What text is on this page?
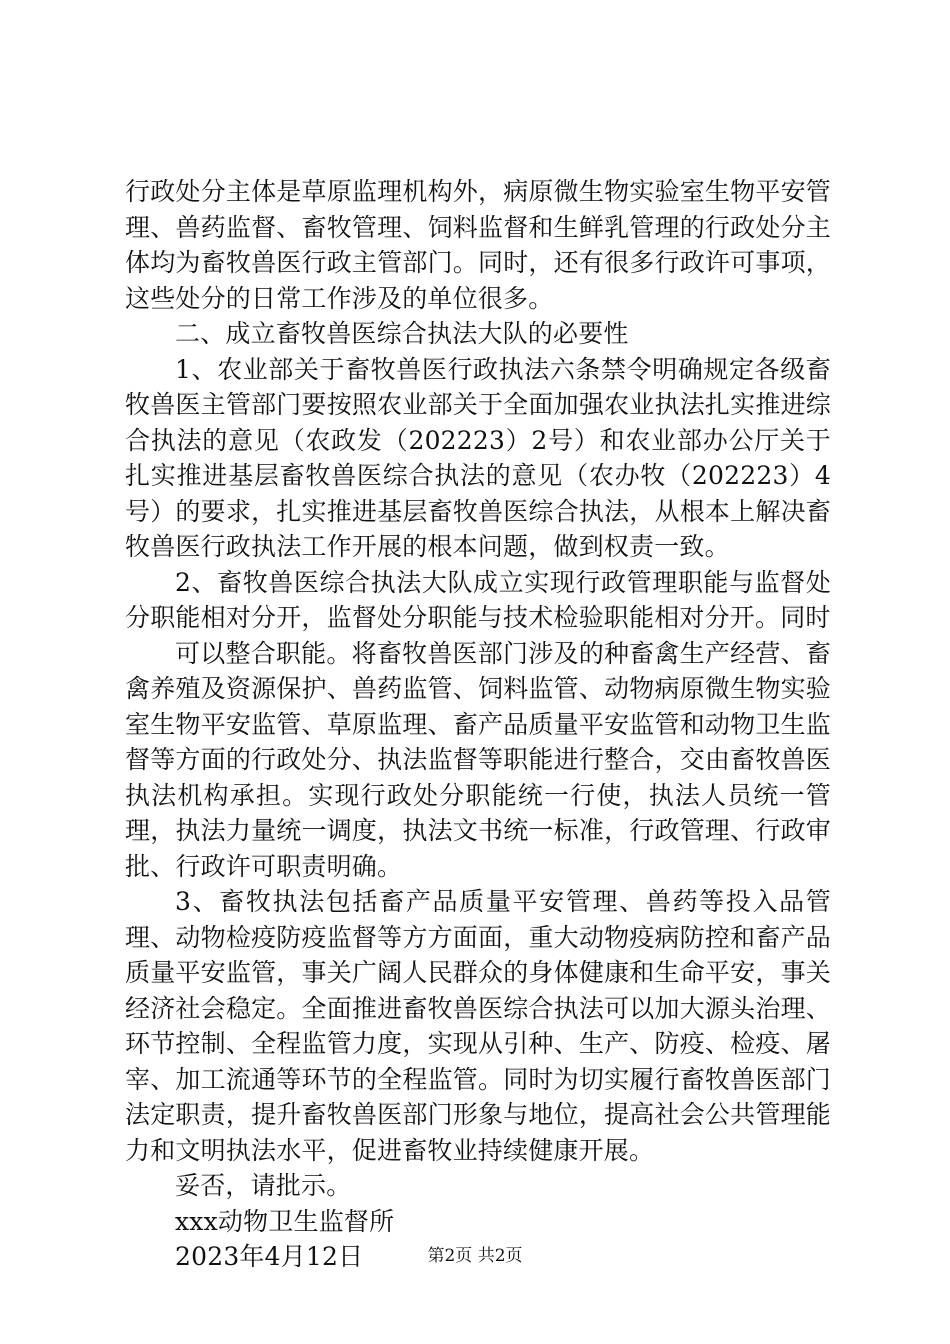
行政处分主体是草原监理机构外，病原微生物实验室生物平安管理、兽药监督、畜牧管理、饲料监督和生鲜乳管理的行政处分主体均为畜牧兽医行政主管部门。同时，还有很多行政许可事项，这些处分的日常工作涉及的单位很多。

二、成立畜牧兽医综合执法大队的必要性

1、农业部关于畜牧兽医行政执法六条禁令明确规定各级畜牧兽医主管部门要按照农业部关于全面加强农业执法扎实推进综合执法的意见（农政发（202223）2号）和农业部办公厅关于扎实推进基层畜牧兽医综合执法的意见（农办牧（202223）4号）的要求，扎实推进基层畜牧兽医综合执法，从根本上解决畜牧兽医行政执法工作开展的根本问题，做到权责一致。

2、畜牧兽医综合执法大队成立实现行政管理职能与监督处分职能相对分开，监督处分职能与技术检验职能相对分开。同时

可以整合职能。将畜牧兽医部门涉及的种畜禽生产经营、畜禽养殖及资源保护、兽药监管、饲料监管、动物病原微生物实验室生物平安监管、草原监理、畜产品质量平安监管和动物卫生监督等方面的行政处分、执法监督等职能进行整合，交由畜牧兽医执法机构承担。实现行政处分职能统一行使，执法人员统一管理，执法力量统一调度，执法文书统一标准，行政管理、行政审批、行政许可职责明确。

3、畜牧执法包括畜产品质量平安管理、兽药等投入品管理、动物检疫防疫监督等方方面面，重大动物疫病防控和畜产品质量平安监管，事关广阔人民群众的身体健康和生命平安，事关经济社会稳定。全面推进畜牧兽医综合执法可以加大源头治理、环节控制、全程监管力度，实现从引种、生产、防疫、检疫、屠宰、加工流通等环节的全程监管。同时为切实履行畜牧兽医部门法定职责，提升畜牧兽医部门形象与地位，提高社会公共管理能力和文明执法水平，促进畜牧业持续健康开展。

妥否，请批示。

xxx动物卫生监督所

2023年4月12日	第2页 共2页
